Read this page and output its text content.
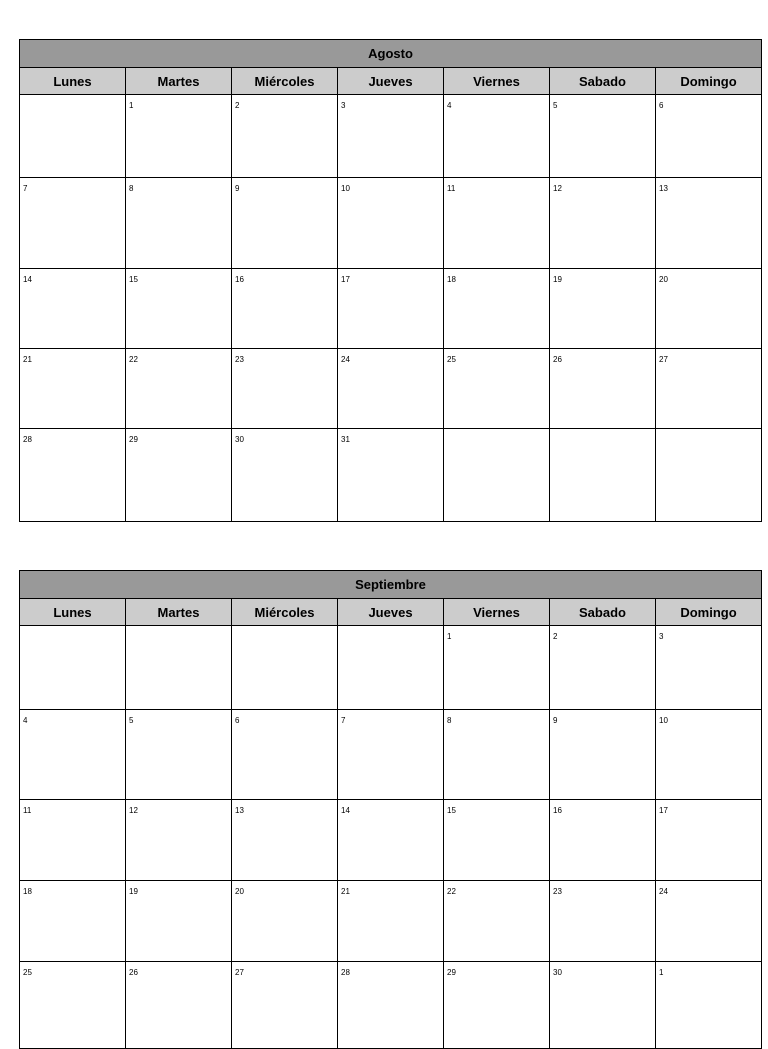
Agosto						
Lunes	Martes	Miércoles	Jueves	Viernes	Sabado	Domingo
	1	2	3	4	5	6
7	8	9	10	11	12	13
14	15	16	17	18	19	20
21	22	23	24	25	26	27
28	29	30	31			
Septiembre						
Lunes	Martes	Miércoles	Jueves	Viernes	Sabado	Domingo
				1	2	3
4	5	6	7	8	9	10
11	12	13	14	15	16	17
18	19	20	21	22	23	24
25	26	27	28	29	30	1
